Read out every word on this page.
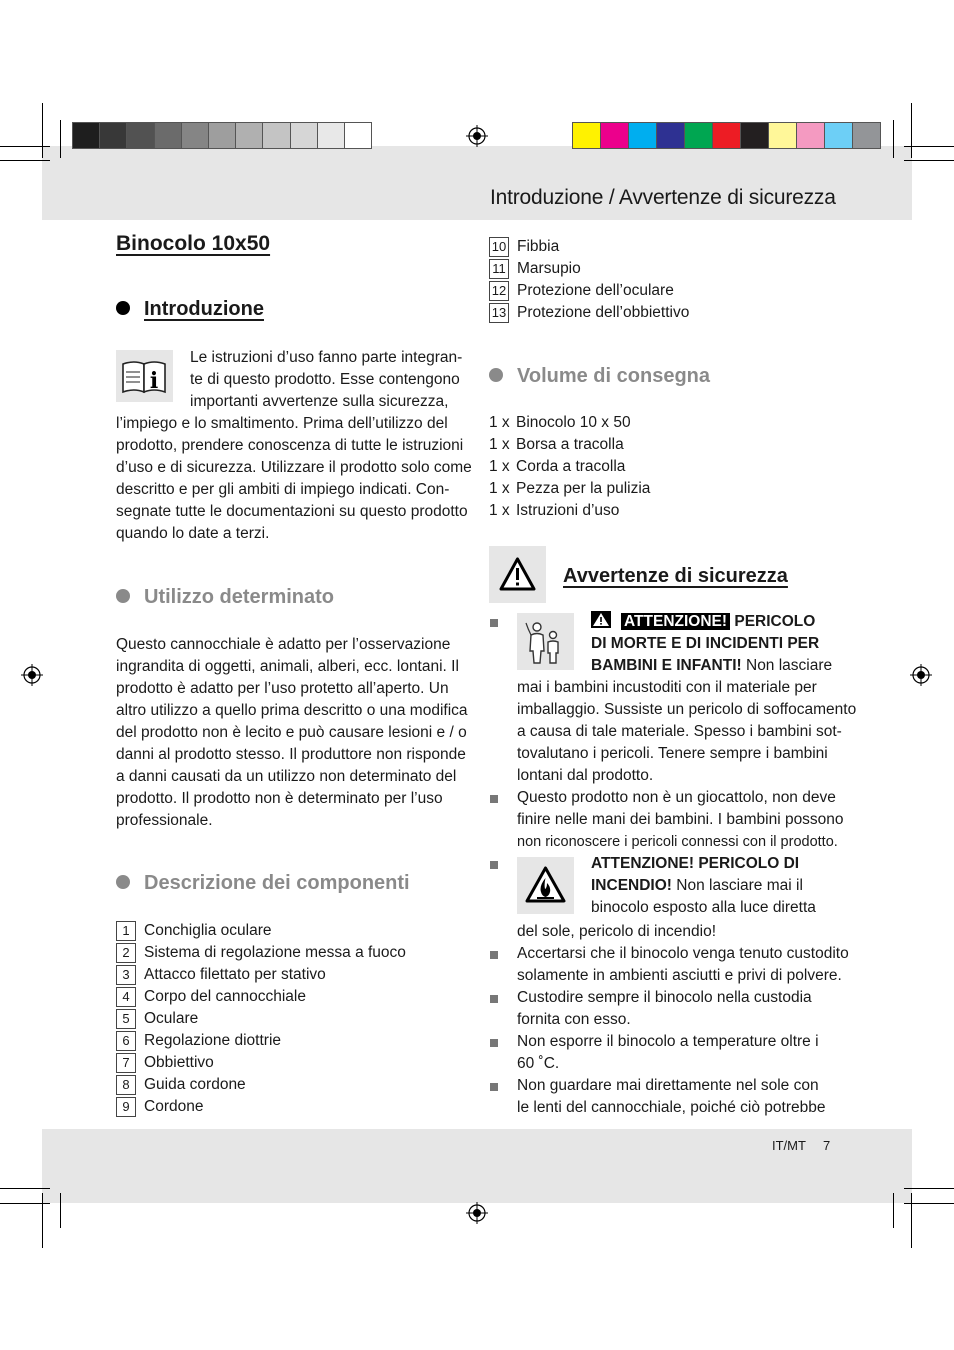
Introduzione / Avvertenze di sicurezza
IT/MT 7
Binocolo 10x50
Introduzione
i
Le istruzioni d’uso fanno parte integran-
te di questo prodotto. Esse contengono
importanti avvertenze sulla sicurezza,
l’impiego e lo smaltimento. Prima dell’utilizzo del
prodotto, prendere conoscenza di tutte le istruzioni
d’uso e di sicurezza. Utilizzare il prodotto solo come
descritto e per gli ambiti di impiego indicati. Con-
segnate tutte le documentazioni su questo prodotto
quando lo date a terzi.
Utilizzo determinato
Questo cannocchiale è adatto per l’osservazione
ingrandita di oggetti, animali, alberi, ecc. lontani. Il
prodotto è adatto per l’uso protetto all’aperto. Un
altro utilizzo a quello prima descritto o una modifica
del prodotto non è lecito e può causare lesioni e / o
danni al prodotto stesso. Il produttore non risponde
a danni causati da un utilizzo non determinato del
prodotto. Il prodotto non è determinato per l’uso
professionale.
Descrizione dei componenti
1 Conchiglia oculare
2 Sistema di regolazione messa a fuoco
3 Attacco filettato per stativo
4 Corpo del cannocchiale
5 Oculare
6 Regolazione diottrie
7 Obbiettivo
8 Guida cordone
9 Cordone
10 Fibbia
11 Marsupio
12 Protezione dell’oculare
13 Protezione dell’obbiettivo
Volume di consegna
1 x Binocolo 10 x 50
1 x Borsa a tracolla
1 x Corda a tracolla
1 x Pezza per la pulizia
1 x Istruzioni d’uso
Avvertenze di sicurezza
ATTENZIONE! PERICOLO
DI MORTE E DI INCIDENTI PER
BAMBINI E INFANTI! Non lasciare
mai i bambini incustoditi con il materiale per
imballaggio. Sussiste un pericolo di soffocamento
a causa di tale materiale. Spesso i bambini sot-
tovalutano i pericoli. Tenere sempre i bambini
lontani dal prodotto.
Questo prodotto non è un giocattolo, non deve
finire nelle mani dei bambini. I bambini possono
non riconoscere i pericoli connessi con il prodotto.
ATTENZIONE! PERICOLO DI
INCENDIO! Non lasciare mai il
binocolo esposto alla luce diretta
del sole, pericolo di incendio!
Accertarsi che il binocolo venga tenuto custodito
solamente in ambienti asciutti e privi di polvere.
Custodire sempre il binocolo nella custodia
fornita con esso.
Non esporre il binocolo a temperature oltre i
60 ˚C.
Non guardare mai direttamente nel sole con
le lenti del cannocchiale, poiché ciò potrebbe
